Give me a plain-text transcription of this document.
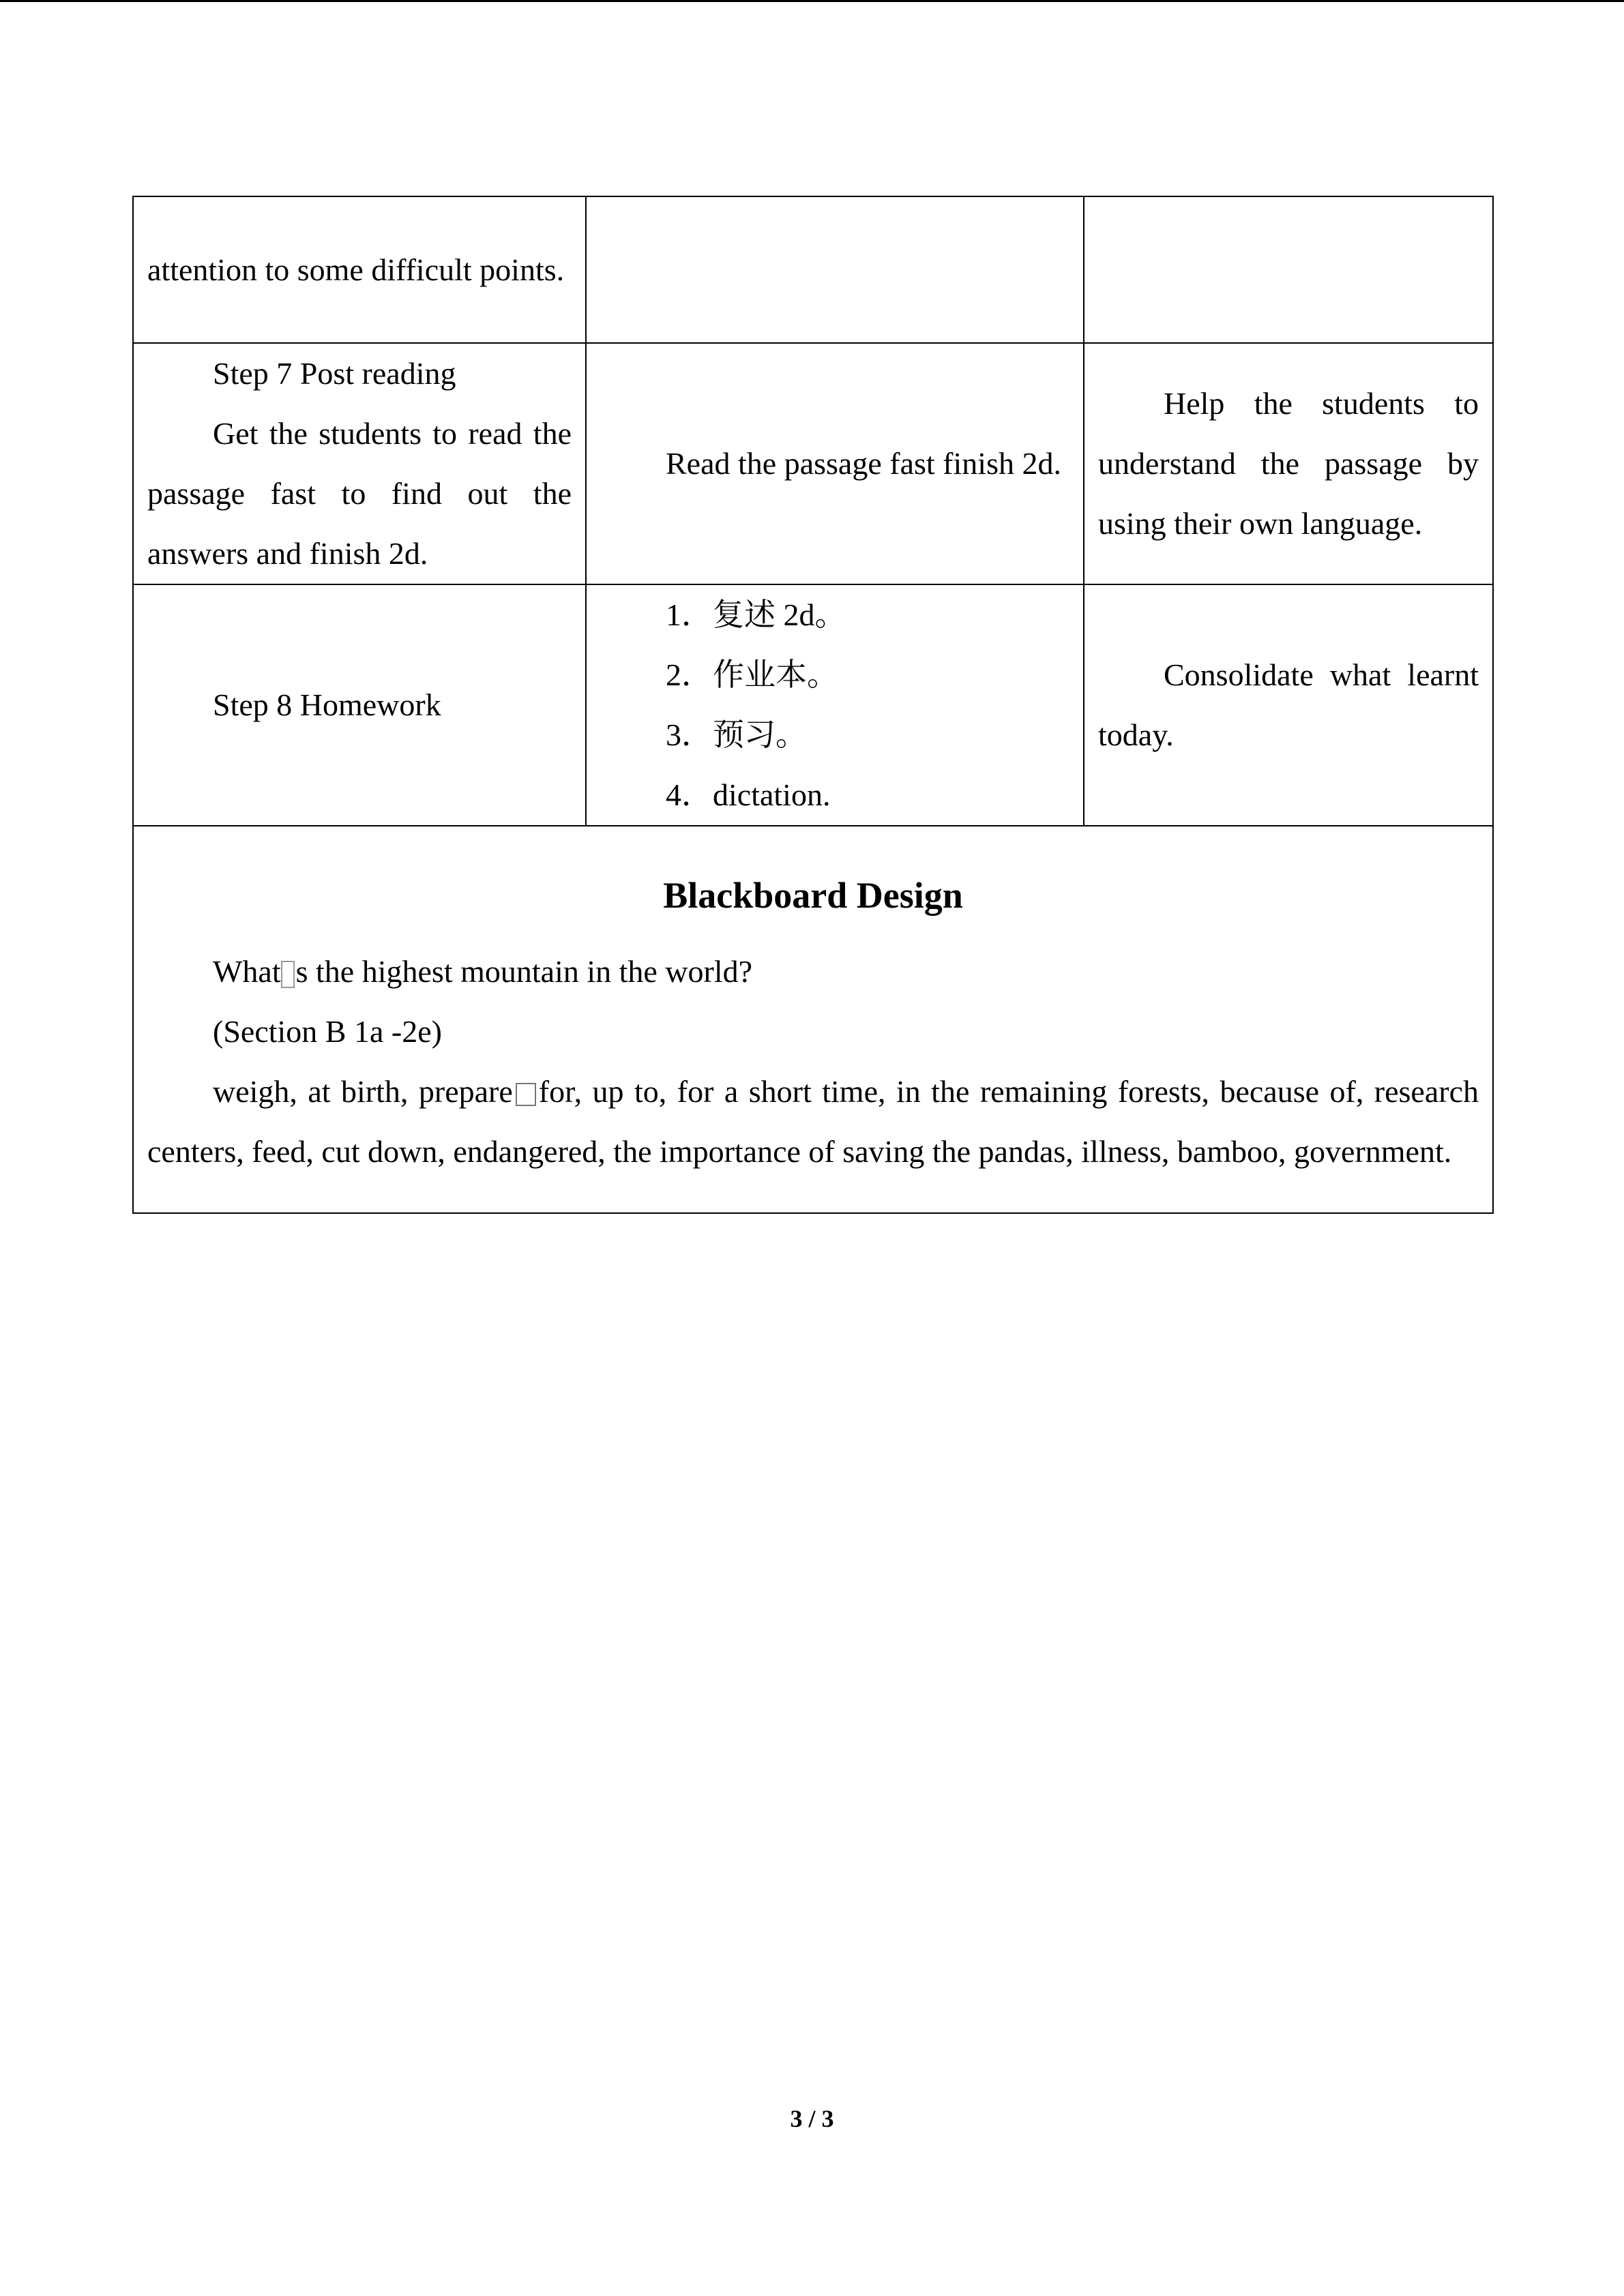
attention to some difficult points.		

Step 7 Post reading

Get the students to read the passage fast to find out the answers and finish 2d.	Read the passage fast finish 2d.	Help the students to understand the passage by using their own language.

Step 8 Homework	1．复述 2d。
2．作业本。
3．预习。
4．dictation.	Consolidate what learnt today.

Blackboard Design

What s the highest mountain in the world?

(Section B 1a -2e)

weigh, at birth, prepare for, up to, for a short time, in the remaining forests, because of, research centers, feed, cut down, endangered, the importance of saving the pandas, illness, bamboo, government.		

3 / 3
